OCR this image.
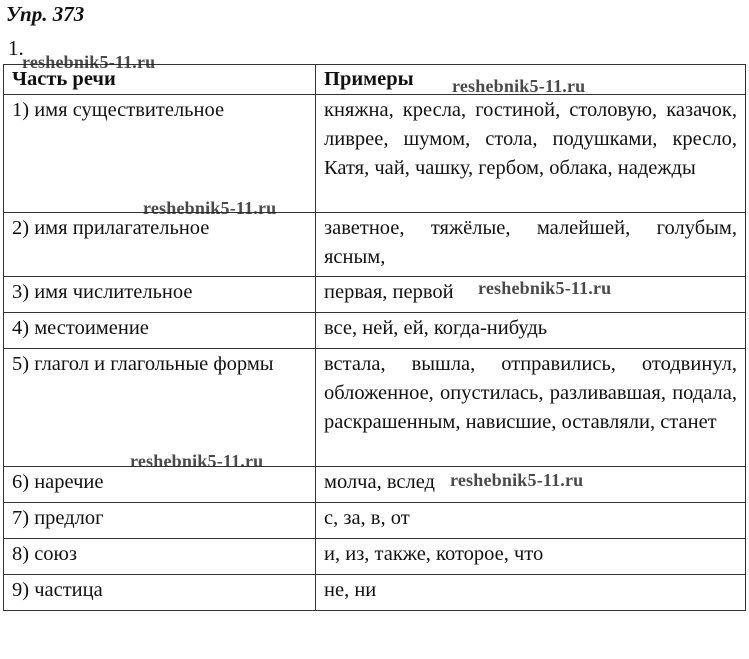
Упр. 373
1.
Часть речи	Примеры
1) имя существительное	княжна, кресла, гостиной, столовую, казачок, ливрее, шумом, стола, подушками, кресло, Катя, чай, чашку, гербом, облака, надежды
2) имя прилагательное	заветное, тяжёлые, малейшей, голубым, ясным,
3) имя числительное	первая, первой
4) местоимение	все, ней, ей, когда-нибудь
5) глагол и глагольные формы	встала, вышла, отправились, отодвинул, обложенное, опустилась, разливавшая, подала, раскрашенным, нависшие, оставляли, станет
6) наречие	молча, вслед
7) предлог	с, за, в, от
8) союз	и, из, также, которое, что
9) частица	не, ни
reshebnik5-11.ru
reshebnik5-11.ru
reshebnik5-11.ru
reshebnik5-11.ru
reshebnik5-11.ru
reshebnik5-11.ru
